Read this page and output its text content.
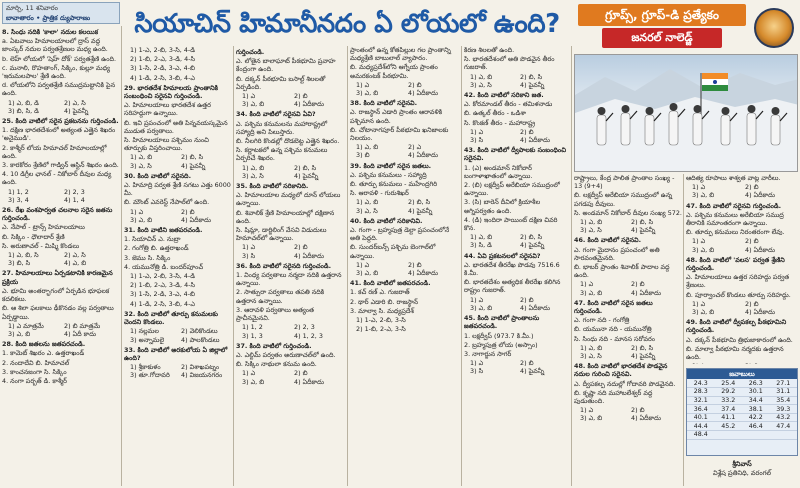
మార్చి, 11 శనివారం
బావాతారం • ప్రాత్రిక ద్యుపారాణు	సియాచిన్ హిమానీనదం ఏ లోయలో ఉంది?	గ్రూప్స్, గ్రూప్-డి ప్రత్యేకం
జనరల్ నాలెడ్జ్

8. సింధు నదికి 'కాలా' నదుల కలయిక

a. ఏటవాలు హిమాలయాలలో ద్రాస్ వద్ద జాంస్కర్ నదుల పర్వతశ్రేణుల మధ్య ఉంది.

b. లెహ్ లోయలో 'షెహ్ దోక్' పర్వతశ్రేణి ఉంది.

c. మనాలి, రొహతాంగ్, సిక్కిం, కుల్లూ మధ్య 'ఇరుమలపాల' శ్రేణి ఉంది.

d. లోయలోని పర్వతశ్రేణి సముద్రమట్టానికి పైన ఉంది.

1) ఎ, బి, డి	2) ఎ, సి
3) బి, సి, డి	4) పైవన్నీ

25. కింది వాటిలో సరైన ప్రకటనను గుర్తించండి.

1. దక్షిణ భారతదేశంలో అత్యంత ఎత్తైన శిఖరం 'అనైముడి'.

2. కాశ్మీర్ లోయ హిమాచల్ హిమాలయాల్లో ఉంది.

3. కారకోరం శ్రేణిలో గాడ్విన్ ఆస్టిన్ శిఖరం ఉంది.

4. 10 డిగ్రీల ఛానల్ - నికోబార్ దీవుల మధ్య ఉంది.

1) 1, 2	2) 2, 3
3) 3, 4	4) 1, 4

26. రేఖ వంశపార్వత చలనాల సరైన జతను గుర్తించండి.

ఎ. నేపాల్ - ట్రాన్స్ హిమాలయాలు

బి. సిక్కిం - ధౌలాదార్ శ్రేణి

సి. అరుణాచల్ - మిష్మి కొండలు

1) ఎ, బి, సి	2) ఎ, సి
3) బి, సి	4) ఎ, బి

27. హిమాలయాలు ఏర్పడటానికి కారణమైన ప్రక్రియ

ఎ. భూమి అంతర్భాగంలో ఏర్పడిన భూఫలక కదలికలు.

బి. ఆ శిలా ఫలకాలు ఢీకొనడం వల్ల పర్వతాలు ఏర్పడ్డాయి.

1) ఎ మాత్రమే	2) బి మాత్రమే
3) ఎ, బి	4) ఏదీ కాదు

28. కింది జతలను జతపరచండి.

1. కామెట్ శిఖరం ఎ. ఉత్తరాఖండ్

2. నందాదేవి బి. హిమాచల్

3. కాంచనజంగా సి. సిక్కిం

4. నంగా పర్బత్ డి. కాశ్మీర్

1) 1-ఎ, 2-బి, 3-సి, 4-డి

2) 1-బి, 2-ఎ, 3-డి, 4-సి

3) 1-సి, 2-డి, 3-ఎ, 4-బి

4) 1-డి, 2-సి, 3-బి, 4-ఎ

29. భారతదేశ హిమాలయ ప్రాంతానికి సంబంధించి సరైనవి గుర్తించండి.

ఎ. హిమాలయాలు భారతదేశ ఉత్తర సరిహద్దుగా ఉన్నాయి.

బి. ఇవి ప్రపంచంలో అతి పిన్నవయస్కమైన ముడుత పర్వతాలు.

సి. హిమాలయాలు పశ్చిమం నుంచి తూర్పుకు విస్తరించాయి.

1) ఎ, బి	2) బి, సి
3) ఎ, సి	4) పైవన్నీ

30. కింది వాటిలో సరైనది.

ఎ. హిమాద్రి పర్వత శ్రేణి సగటు ఎత్తు 6000 మీ.

బి. మౌంట్ ఎవరెస్ట్ నేపాల్‌లో ఉంది.

1) ఎ	2) బి
3) ఎ, బి	4) ఏదీకాదు

31. కింది వాటిని జతపరచండి.

1. సియాచిన్ ఎ. నుబ్రా

2. గంగోత్రి బి. ఉత్తరాఖండ్

3. జెము సి. సిక్కిం

4. యమునోత్రి డి. బందర్‌పూంచ్

1) 1-ఎ, 2-బి, 3-సి, 4-డి

2) 1-బి, 2-ఎ, 3-డి, 4-సి

3) 1-సి, 2-డి, 3-ఎ, 4-బి

4) 1-డి, 2-సి, 3-బి, 4-ఎ

32. కింది వాటిలో తూర్పు కనుమలకు చెందని కొండలు.

1) నల్లమల	2) వెలికొండలు
3) అన్నామలై	4) పాలకొండలు

33. కింది వాటిలో అరకులోయ ఏ జిల్లాలో ఉంది?

1) శ్రీకాకుళం	2) విశాఖపట్నం
3) తూ.గోదావరి	4) విజయనగరం

గుర్తించండి.

ఎ. లోతైన బాలాఘాట్ పీఠభూమి ప్రవాహ కేంద్రంగా ఉంది.

బి. దక్కన్ పీఠభూమి బసాల్ట్ శిలలతో ఏర్పడింది.

1) ఎ	2) బి
3) ఎ, బి	4) ఏదీకాదు

34. కింది వాటిలో సరైనవి ఏవి?

ఎ. పశ్చిమ కనుమలను మహారాష్ట్రలో సహ్యాద్రి అని పిలుస్తారు.

బి. నీలగిరి కొండల్లో దొడబెట్ట ఎత్తైన శిఖరం.

సి. కర్ణాటకలో ఉన్న పశ్చిమ కనుమలు ఏర్పరిచే శిఖరం.

1) ఎ, బి	2) బి, సి
3) ఎ, సి	4) పైవన్నీ

35. కింది వాటిలో సరికానిది.

ఎ. హిమాలయాల మధ్యలో దూన్ లోయలు ఉన్నాయి.

బి. శివాలిక్ శ్రేణి హిమాలయాల్లో దక్షిణాన ఉంది.

సి. షిమ్లా, డార్జిలింగ్ వేసవి విడుదులు హిమాచల్‌లో ఉన్నాయి.

1) ఎ	2) బి
3) సి	4) ఏదీకాదు

36. కింది వాటిలో సరైనది గుర్తించండి.

1. వింధ్య పర్వతాలు నర్మదా నదికి ఉత్తరాన ఉన్నాయి.

2. సాత్పురా పర్వతాలు తపతి నదికి ఉత్తరాన ఉన్నాయి.

3. ఆరావళి పర్వతాలు అత్యంత ప్రాచీనమైనవి.

1) 1, 2	2) 2, 3
3) 1, 3	4) 1, 2, 3

37. కింది వాటిలో గుర్తించండి.

ఎ. ఎల్టిమ్ పర్వతం అరుణాచల్‌లో ఉంది.

బి. సిక్కిం నాథులా కనుమ ఉంది.

1) ఎ	2) బి
3) ఎ, బి	4) ఏదీకాదు

ప్రాంతంలో ఉన్న కోతపిల్లుల గల ప్రాంతాన్ని మధ్యశ్రేణి బాబులాల్ వ్యాపారం.

బి. మధ్యప్రదేశ్‌లోని ఆగ్నేయ ప్రాంతం అమరకంటక్ పీఠభూమి.

1) ఎ	2) బి
3) ఎ, బి	4) ఏదీకాదు

38. కింది వాటిలో సరైనవి.

ఎ. రాజస్థాన్ ఎడారి ప్రాంతం ఆరావళికి పశ్చిమాన ఉంది.

బి. చోటానాగపూర్ పీఠభూమి ఖనిజాలకు నిలయం.

1) ఎ, బి	2) ఎ
3) బి	4) ఏదీకాదు

39. కింది వాటిలో సరైన జతలు.

ఎ. పశ్చిమ కనుమలు - సహ్యాద్రి

బి. తూర్పు కనుమలు - మహేంద్రగిరి

సి. ఆరావళి - గురుశిఖర్

1) ఎ, బి	2) బి, సి
3) ఎ, సి	4) పైవన్నీ

40. కింది వాటిలో సరికానివి.

ఎ. గంగా - బ్రహ్మపుత్ర డెల్టా ప్రపంచంలోనే అతి పెద్దది.

బి. సుందర్‌బన్స్ పశ్చిమ బెంగాల్‌లో ఉన్నాయి.

1) ఎ	2) బి
3) ఎ, బి	4) ఏదీకాదు

41. కింది వాటిలో జతపరచండి.

1. కచ్ రణ్ ఎ. గుజరాత్

2. థార్ ఎడారి బి. రాజస్థాన్

3. మాల్వా సి. మధ్యప్రదేశ్

1) 1-ఎ, 2-బి, 3-సి

2) 1-బి, 2-ఎ, 3-సి

కిరణ శిలలతో ఉంది.

సి. భారతదేశంలో అతి పొడవైన తీరం గుజరాత్.

1) ఎ, బి	2) బి, సి
3) ఎ, సి	4) పైవన్నీ

42. కింది వాటిలో సరికాని జత.

ఎ. కోరమాండల్ తీరం - తమిళనాడు

బి. ఉత్కల్ తీరం - ఒడిశా

సి. కొంకణ్ తీరం - మహారాష్ట్ర

1) ఎ	2) బి
3) సి	4) ఏదీకాదు

43. కింది వాటిలో ద్వీపాలకు సంబంధించి సరైనవి.

1. (ఎ) అండమాన్ నికోబార్ బంగాళాఖాతంలో ఉన్నాయి.

2. (బి) లక్షద్వీప్ అరేబియా సముద్రంలో ఉన్నాయి.

3. (సి) బారెన్ దీవిలో క్రియాశీల అగ్నిపర్వతం ఉంది.

4. (డి) ఇందిరా పాయింట్ దక్షిణ చివరి కొన.

1) ఎ, బి	2) బి, సి
3) సి, డి	4) పైవన్నీ

44. ఏవి ప్రకటనలలో సరైనవి?

ఎ. భారతదేశ తీరరేఖ పొడవు 7516.6 కి.మీ.

బి. భారతదేశం అత్యధిక తీరరేఖ కలిగిన రాష్ట్రం గుజరాత్.

1) ఎ	2) బి
3) ఎ, బి	4) ఏదీకాదు

45. కింది వాటిలో ప్రాంతాలను జతపరచండి.

1. లక్షద్వీప్ (973.7 కి.మీ.)

2. బ్రహ్మపుత్ర లోయ (అస్సాం)

3. నాగార్జున సాగర్

1) ఎ	2) బి
3) సి	4) పైవన్నీ

రాష్ట్రాలు, కేంద్ర పాలిత ప్రాంతాల సంఖ్య - 13 (9+4)

బి. లక్షద్వీప్ అరేబియా సముద్రంలో ఉన్న పగడపు దీవులు.

సి. అండమాన్ నికోబార్ దీవుల సంఖ్య 572.

1) ఎ, బి	2) బి, సి
3) ఎ, సి	4) పైవన్నీ

46. కింది వాటిలో సరైనవి.

ఎ. గంగా మైదానం ప్రపంచంలో అతి సారవంతమైనది.

బి. భాబర్ ప్రాంతం శివాలిక్ పాదాల వద్ద ఉంది.

1) ఎ	2) బి
3) ఎ, బి	4) ఏదీకాదు

47. కింది వాటిలో సరైన జతలు గుర్తించండి.

ఎ. గంగా నది - గంగోత్రి

బి. యమునా నది - యమునోత్రి

సి. సింధు నది - మానస సరోవరం

1) ఎ, బి	2) బి, సి
3) ఎ, సి	4) పైవన్నీ

48. కింది వాటిలో భారతదేశ పొడవైన నదుల గురించి సరైనవి.

ఎ. ద్వీపకల్ప నదుల్లో గోదావరి పొడవైనది.

బి. కృష్ణా నది మహాబలేశ్వర్ వద్ద పుడుతుంది.

1) ఎ	2) బి
3) ఎ, బి	4) ఏదీకాదు

ఆదిత్య రూపాలు శాశ్వత వాట్ల వారీలు.

1) ఎ	2) బి
3) ఎ, బి	4) ఏదీకాదు

47. కింది వాటిలో సరైనవి గుర్తించండి.

ఎ. పశ్చిమ కనుమలు అరేబియా సముద్ర తీరానికి సమాంతరంగా ఉన్నాయి.

బి. తూర్పు కనుమలు నిరంతరంగా లేవు.

1) ఎ	2) బి
3) ఎ, బి	4) ఏదీకాదు

48. కింది వాటిలో 'వలస' పర్వత శ్రేణిని గుర్తించండి.

ఎ. హిమాలయాలు ఉత్తర సరిహద్దు పర్వత శ్రేణులు.

బి. పూర్వాంచల్ కొండలు తూర్పు సరిహద్దు.

1) ఎ	2) బి
3) ఎ, బి	4) ఏదీకాదు

49. కింది వాటిలో ద్వీపకల్ప పీఠభూమిని గుర్తించండి.

ఎ. దక్కన్ పీఠభూమి త్రిభుజాకారంలో ఉంది.

బి. మాల్వా పీఠభూమి నర్మదకు ఉత్తరాన ఉంది.

జవాబులు
24.3	25.4	26.3	27.1
28.3	29.2	30.1	31.1
32.1	33.2	34.4	35.4
36.4	37.4	38.1	39.3
40.1	41.1	42.2	43.2
44.4	45.2	46.4	47.4
48.4			
శ్రీనివాస్
విశ్లేష ప్రతినిధి, వరంగల్
